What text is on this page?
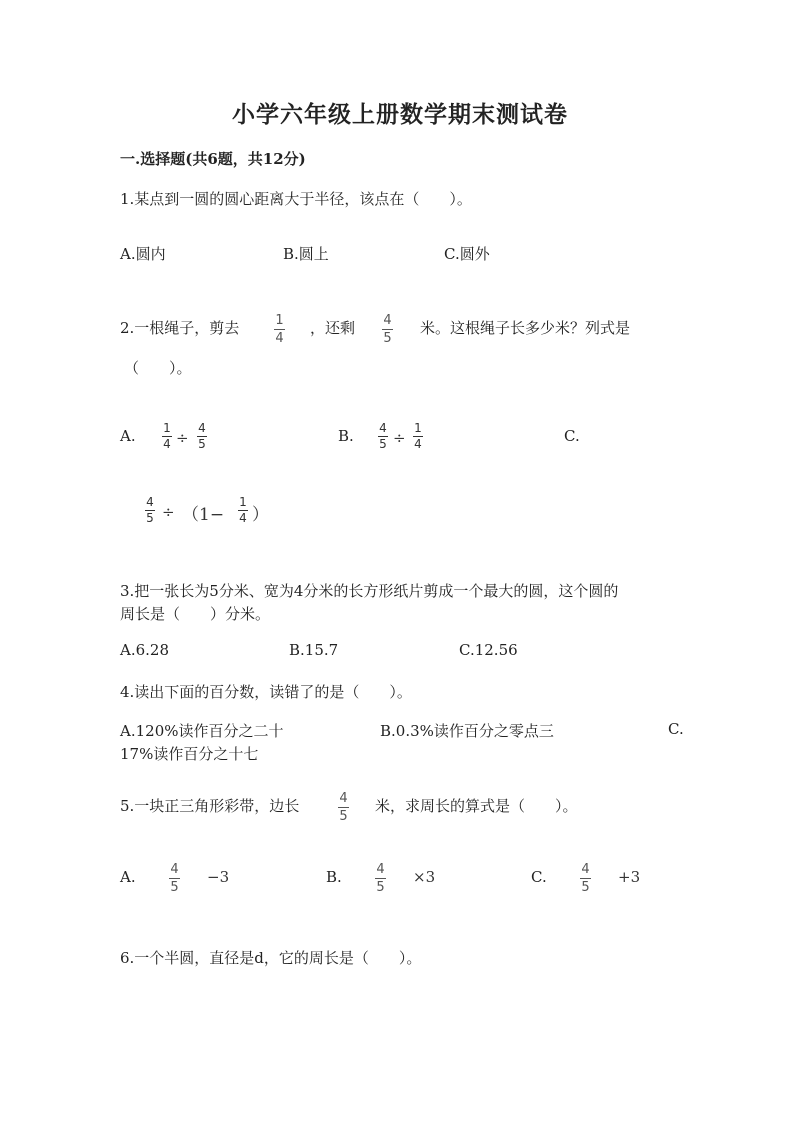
小学六年级上册数学期末测试卷
一.选择题(共6题，共12分)
1.某点到一圆的圆心距离大于半径，该点在（　　）。
A.圆内	B.圆上	C.圆外
2.一根绳子，剪去	1
4
，还剩 4
5
米。这根绳子长多少米？列式是
（　　）。
A. 1
4 ÷
4
5	B. 4
5 ÷
1
4	C.
4
5 ÷ （1−
1
4 ）
3.把一张长为5分米、宽为4分米的长方形纸片剪成一个最大的圆，这个圆的
周长是（　　）分米。
A.6.28	B.15.7	C.12.56
4.读出下面的百分数，读错了的是（　　）。
A.120%读作百分之二十	B.0.3%读作百分之零点三	C.
17%读作百分之十七
5.一块正三角形彩带，边长	4
5
米，求周长的算式是（　　）。
A.	4
5
−3	B.	4
5
×3	C.	4
5
+3
6.一个半圆，直径是d，它的周长是（　　）。
